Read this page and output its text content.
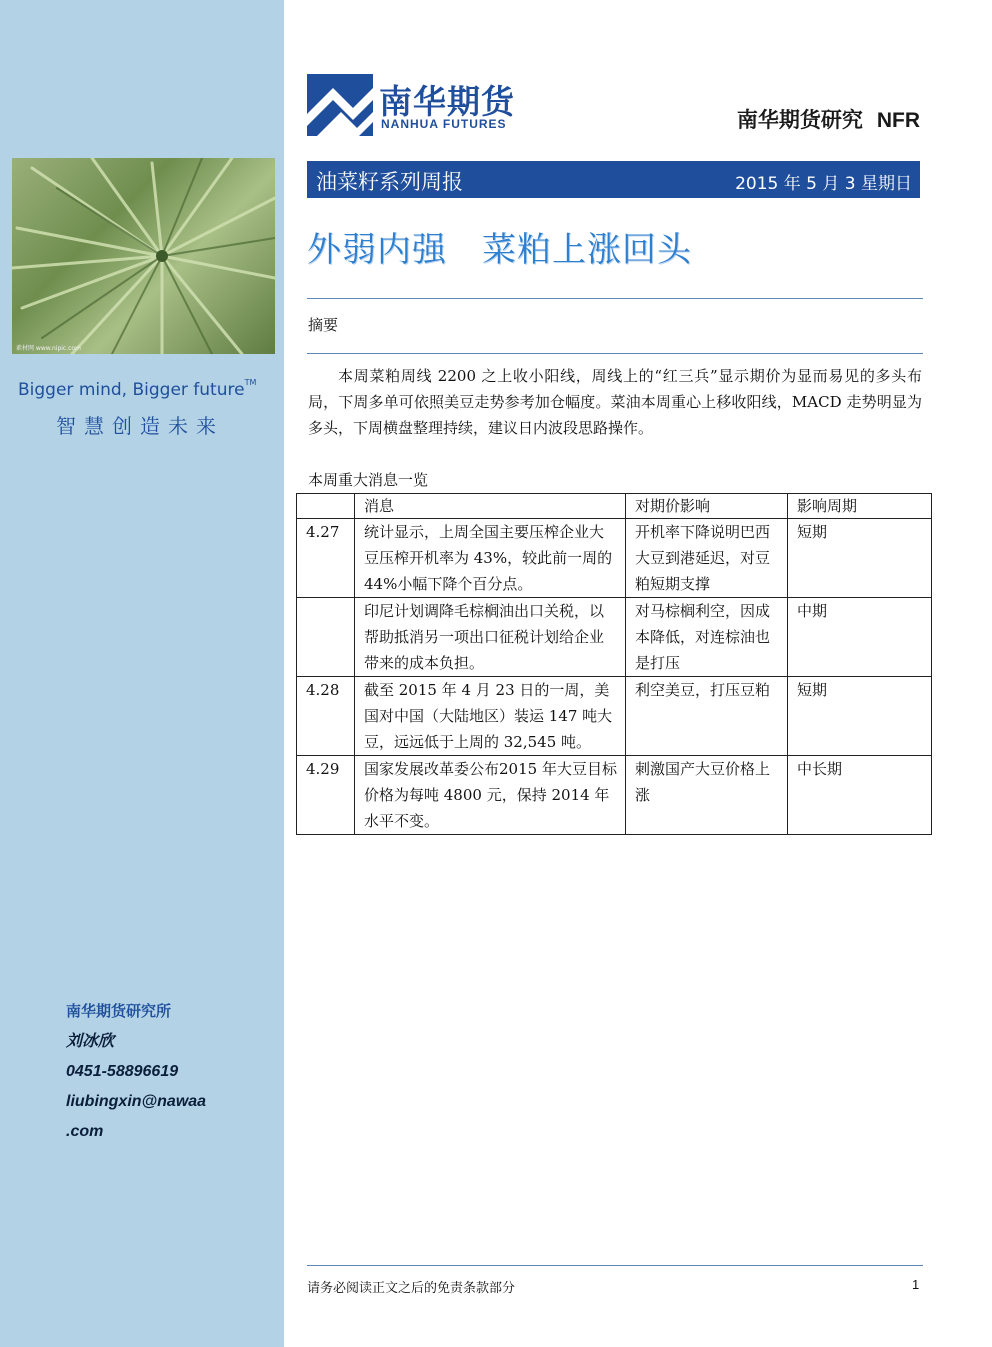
素材网 www.nipic.com
Bigger mind, Bigger future™
智慧创造未来
南华期货研究所
刘冰欣
0451-58896619
liubingxin@nawaa
.com
南华期货
NANHUA FUTURES	南华期货研究 NFR
油菜籽系列周报	2015 年 5 月 3 星期日
外弱内强　菜粕上涨回头
摘要
本周菜粕周线 2200 之上收小阳线，周线上的“红三兵”显示期价为显而易见的多头布局，下周多单可依照美豆走势参考加仓幅度。菜油本周重心上移收阳线，MACD 走势明显为多头，下周横盘整理持续，建议日内波段思路操作。
本周重大消息一览
	消息	对期价影响	影响周期
4.27	统计显示，上周全国主要压榨企业大豆压榨开机率为 43%，较此前一周的 44%小幅下降个百分点。	开机率下降说明巴西大豆到港延迟，对豆粕短期支撑	短期
	印尼计划调降毛棕榈油出口关税，以帮助抵消另一项出口征税计划给企业带来的成本负担。	对马棕榈利空，因成本降低，对连棕油也是打压	中期
4.28	截至 2015 年 4 月 23 日的一周，美国对中国（大陆地区）装运 147 吨大豆，远远低于上周的 32,545 吨。	利空美豆，打压豆粕	短期
4.29	国家发展改革委公布2015 年大豆目标价格为每吨 4800 元，保持 2014 年水平不变。	刺激国产大豆价格上涨	中长期
请务必阅读正文之后的免责条款部分	1
